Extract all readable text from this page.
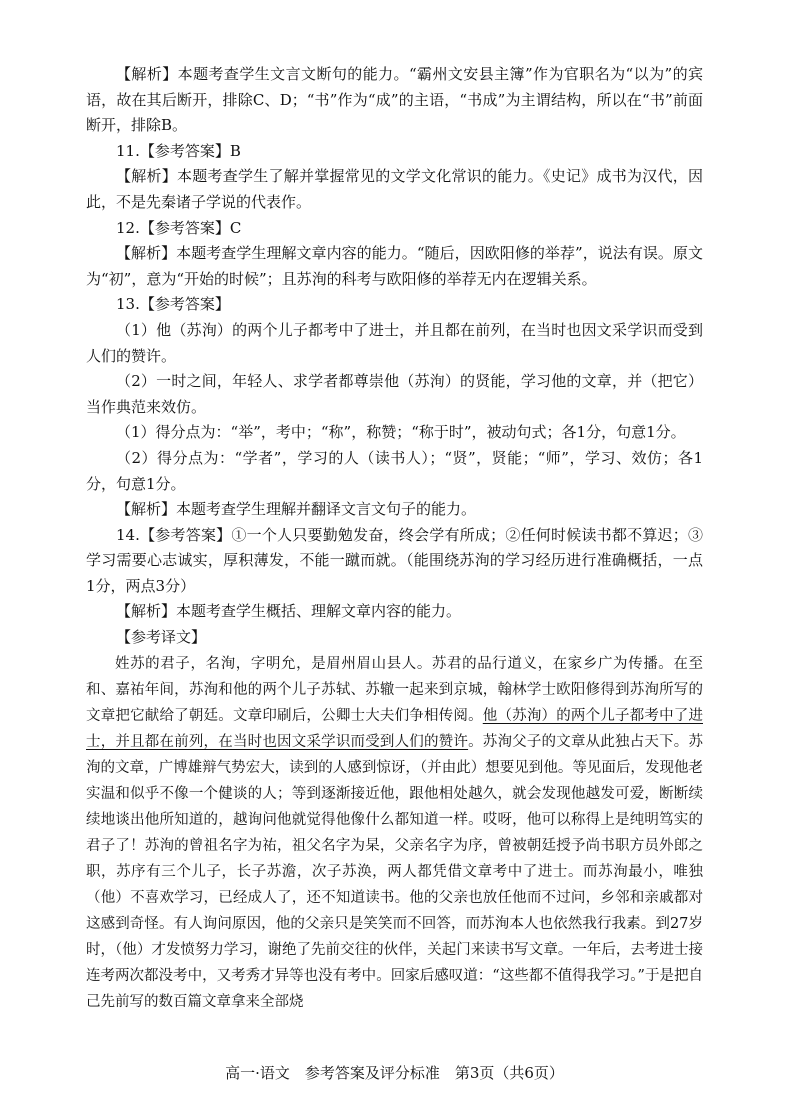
【解析】本题考查学生文言文断句的能力。“霸州文安县主簿”作为官职名为“以为”的宾语，故在其后断开，排除C、D；“书”作为“成”的主语，“书成”为主谓结构，所以在“书”前面断开，排除B。

11.【参考答案】B

【解析】本题考查学生了解并掌握常见的文学文化常识的能力。《史记》成书为汉代，因此，不是先秦诸子学说的代表作。

12.【参考答案】C

【解析】本题考查学生理解文章内容的能力。“随后，因欧阳修的举荐”，说法有误。原文为“初”，意为“开始的时候”；且苏洵的科考与欧阳修的举荐无内在逻辑关系。

13.【参考答案】

（1）他（苏洵）的两个儿子都考中了进士，并且都在前列，在当时也因文采学识而受到人们的赞许。

（2）一时之间，年轻人、求学者都尊崇他（苏洵）的贤能，学习他的文章，并（把它）当作典范来效仿。

（1）得分点为：“举”，考中；“称”，称赞；“称于时”，被动句式；各1分，句意1分。

（2）得分点为：“学者”，学习的人（读书人）；“贤”，贤能；“师”，学习、效仿；各1分，句意1分。

【解析】本题考查学生理解并翻译文言文句子的能力。

14.【参考答案】①一个人只要勤勉发奋，终会学有所成；②任何时候读书都不算迟；③学习需要心志诚实，厚积薄发，不能一蹴而就。（能围绕苏洵的学习经历进行准确概括，一点1分，两点3分）

【解析】本题考查学生概括、理解文章内容的能力。

【参考译文】

姓苏的君子，名洵，字明允，是眉州眉山县人。苏君的品行道义，在家乡广为传播。在至和、嘉祐年间，苏洵和他的两个儿子苏轼、苏辙一起来到京城，翰林学士欧阳修得到苏洵所写的文章把它献给了朝廷。文章印刷后，公卿士大夫们争相传阅。他（苏洵）的两个儿子都考中了进士，并且都在前列，在当时也因文采学识而受到人们的赞许。苏洵父子的文章从此独占天下。苏洵的文章，广博雄辩气势宏大，读到的人感到惊讶，（并由此）想要见到他。等见面后，发现他老实温和似乎不像一个健谈的人；等到逐渐接近他，跟他相处越久，就会发现他越发可爱，断断续续地谈出他所知道的，越询问他就觉得他像什么都知道一样。哎呀，他可以称得上是纯明笃实的君子了！苏洵的曾祖名字为祐，祖父名字为杲，父亲名字为序，曾被朝廷授予尚书职方员外郎之职，苏序有三个儿子，长子苏澹，次子苏涣，两人都凭借文章考中了进士。而苏洵最小，唯独（他）不喜欢学习，已经成人了，还不知道读书。他的父亲也放任他而不过问，乡邻和亲戚都对这感到奇怪。有人询问原因，他的父亲只是笑笑而不回答，而苏洵本人也依然我行我素。到27岁时，（他）才发愤努力学习，谢绝了先前交往的伙伴，关起门来读书写文章。一年后，去考进士接连考两次都没考中，又考秀才异等也没有考中。回家后感叹道：“这些都不值得我学习。”于是把自己先前写的数百篇文章拿来全部烧

高一·语文　参考答案及评分标准　第3页（共6页）
